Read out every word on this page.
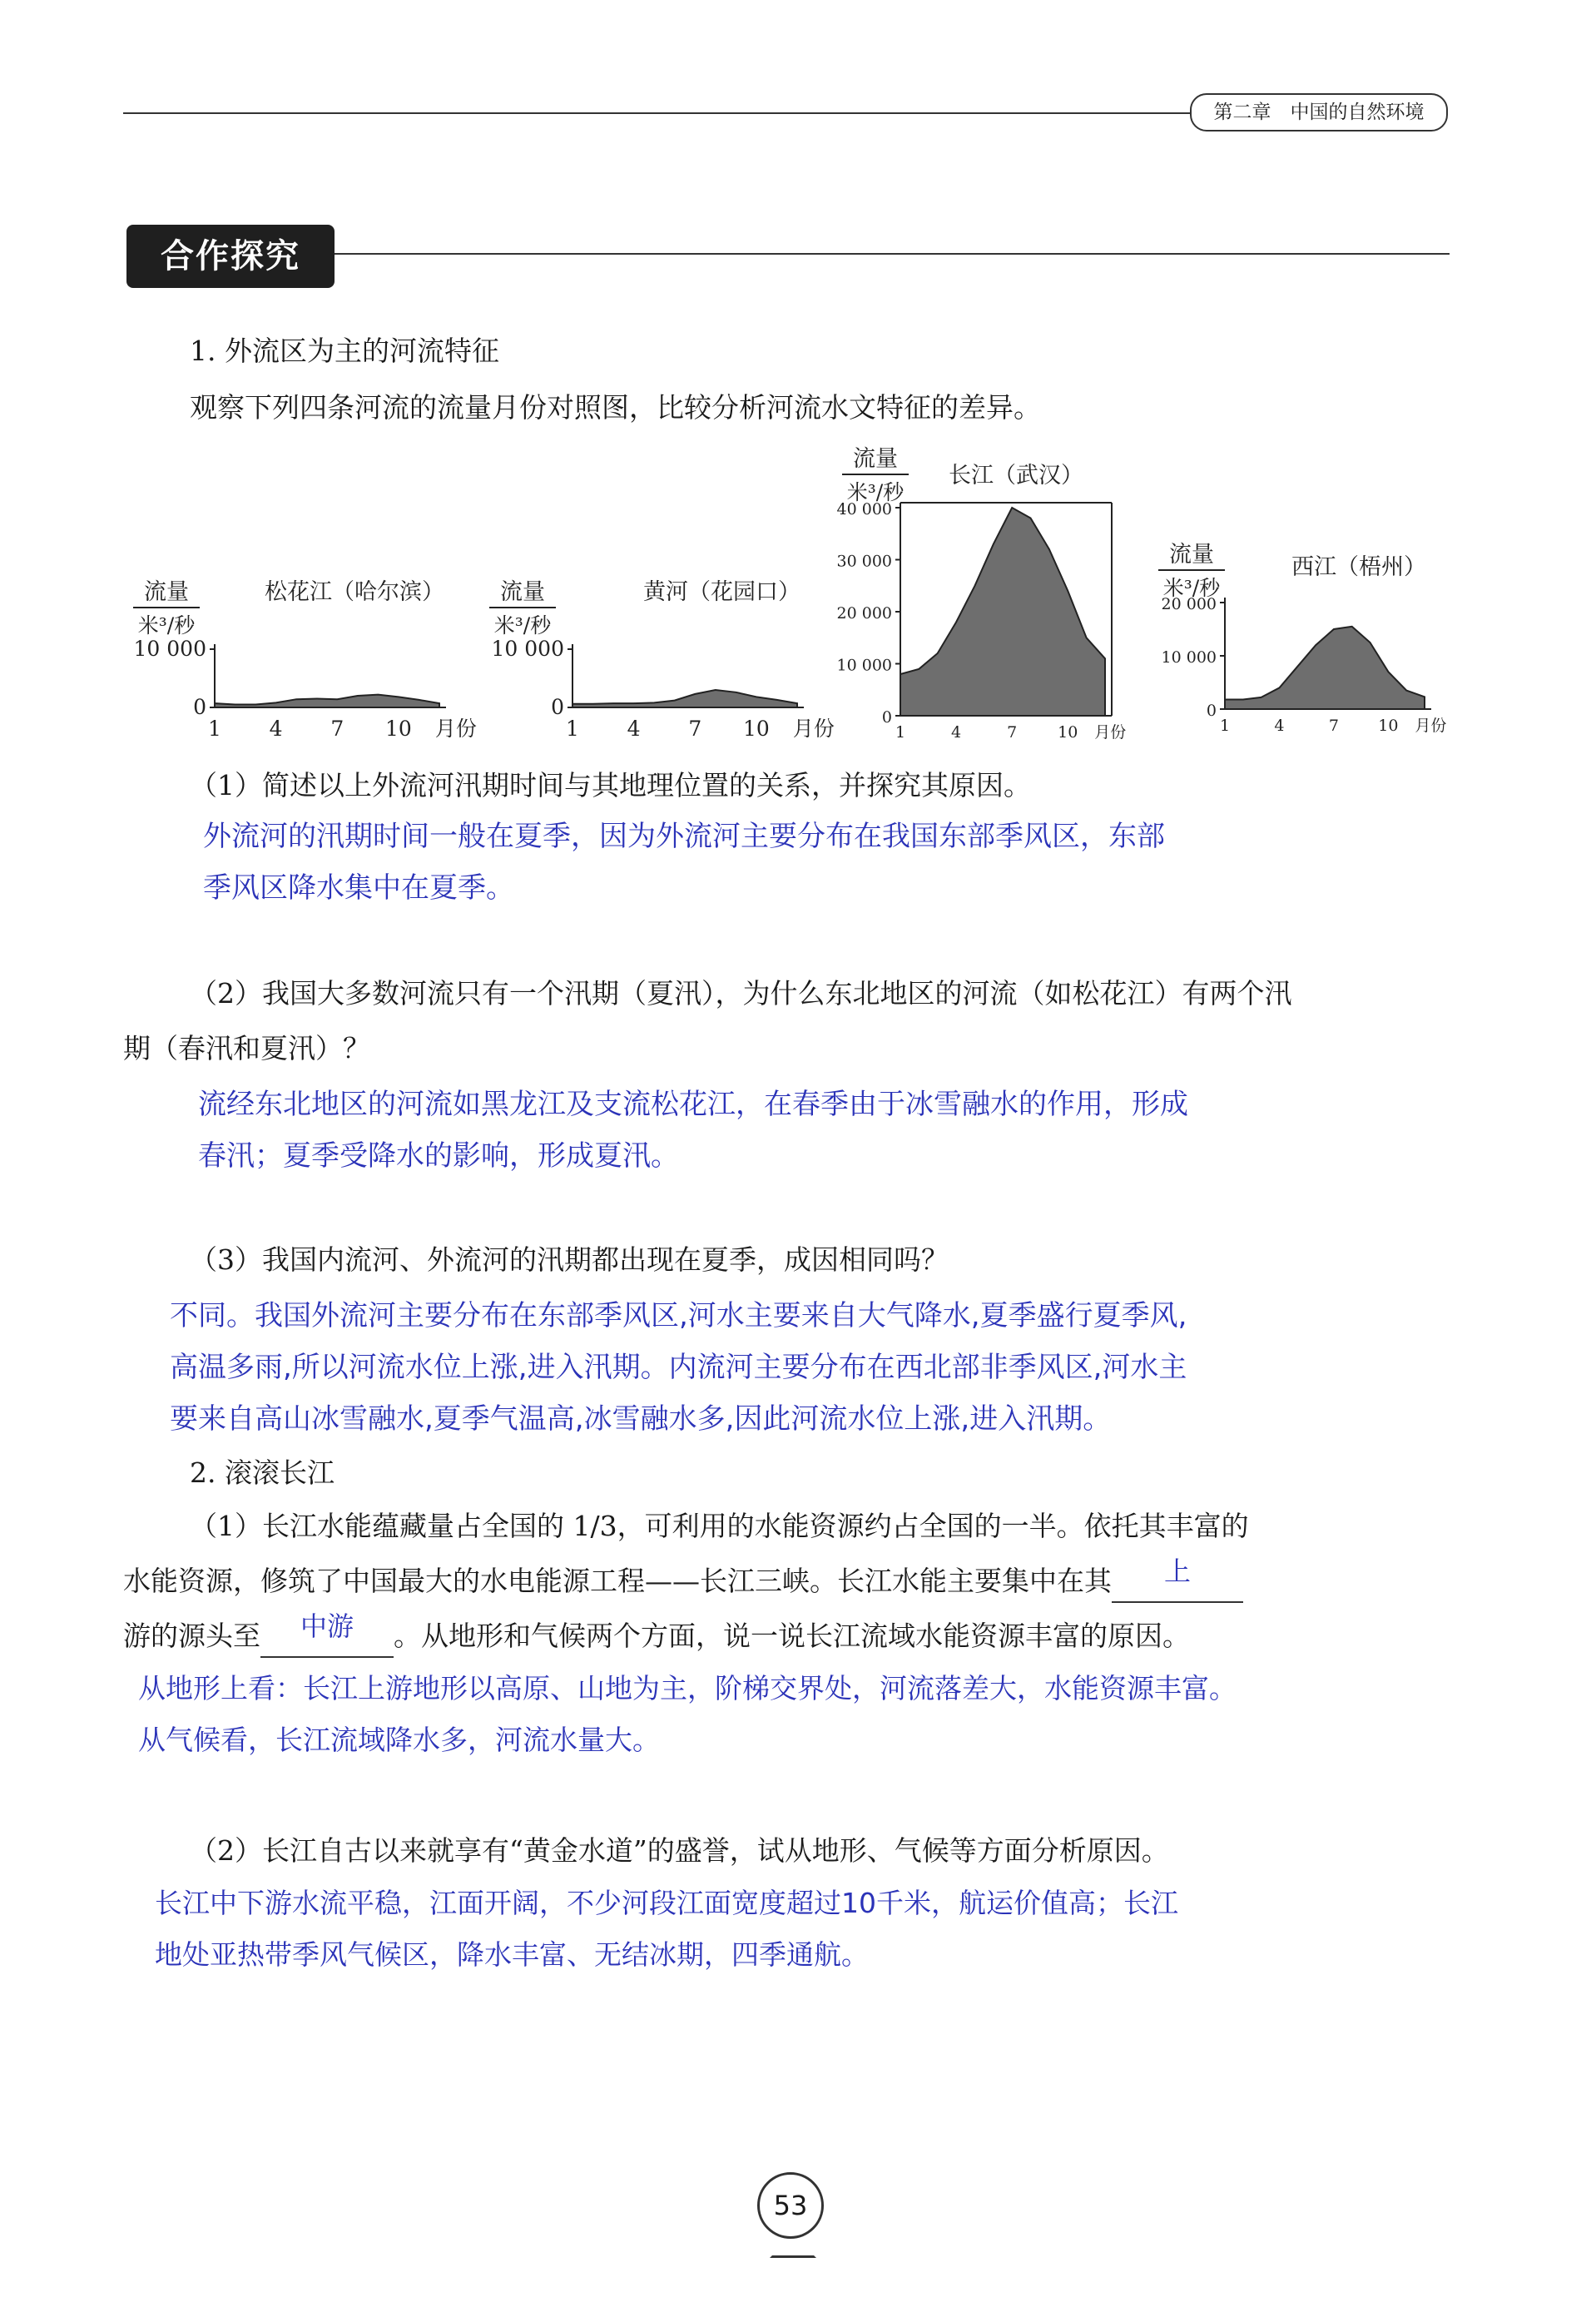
第二章　中国的自然环境
合作探究
1. 外流区为主的河流特征
观察下列四条河流的流量月份对照图，比较分析河流水文特征的差异。
流量
米³/秒
松花江（哈尔滨）
0
10 000
1 4 7 10 月份
流量
米³/秒
黄河（花园口）
0
10 000
1 4 7 10 月份
流量
米³/秒
长江（武汉）
0
10 000
20 000
30 000
40 000
1	4	7	10 月份
流量
米³/秒
西江（梧州）
0
10 000
20 000
1	4	7 10 月份
（1）简述以上外流河汛期时间与其地理位置的关系，并探究其原因。
外流河的汛期时间一般在夏季，因为外流河主要分布在我国东部季风区，东部
季风区降水集中在夏季。
（2）我国大多数河流只有一个汛期（夏汛），为什么东北地区的河流（如松花江）有两个汛
期（春汛和夏汛）？
流经东北地区的河流如黑龙江及支流松花江，在春季由于冰雪融水的作用，形成
春汛；夏季受降水的影响，形成夏汛。
（3）我国内流河、外流河的汛期都出现在夏季，成因相同吗？
不同。我国外流河主要分布在东部季风区,河水主要来自大气降水,夏季盛行夏季风,
高温多雨,所以河流水位上涨,进入汛期。内流河主要分布在西北部非季风区,河水主
要来自高山冰雪融水,夏季气温高,冰雪融水多,因此河流水位上涨,进入汛期。
2. 滚滚长江
（1）长江水能蕴藏量占全国的 1/3，可利用的水能资源约占全国的一半。依托其丰富的
水能资源，修筑了中国最大的水电能源工程——长江三峡。长江水能主要集中在其	上

游的源头至	中游	。从地形和气候两个方面，说一说长江流域水能资源丰富的原因。
从地形上看：长江上游地形以高原、山地为主，阶梯交界处，河流落差大，水能资源丰富。
从气候看，长江流域降水多，河流水量大。
（2）长江自古以来就享有“黄金水道”的盛誉，试从地形、气候等方面分析原因。
长江中下游水流平稳，江面开阔，不少河段江面宽度超过10千米，航运价值高；长江
地处亚热带季风气候区，降水丰富、无结冰期，四季通航。
53
